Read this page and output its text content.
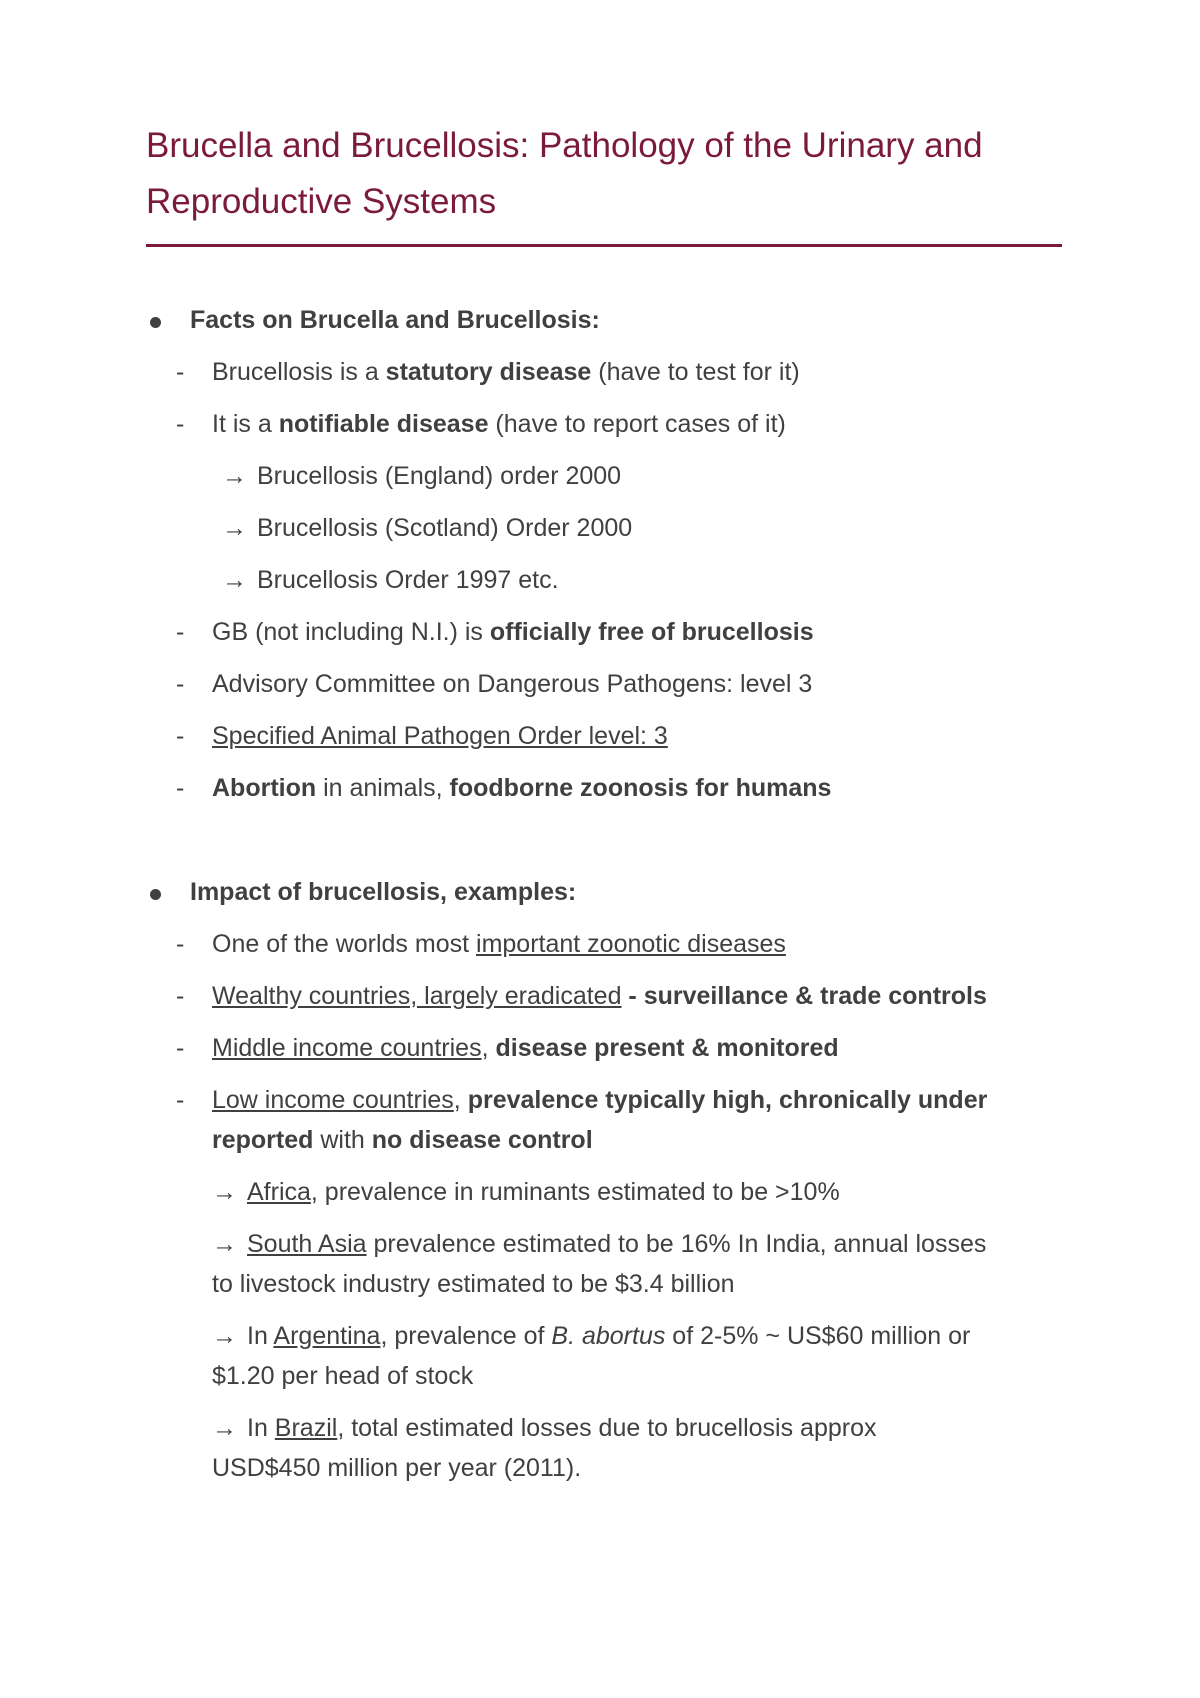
Brucella and Brucellosis: Pathology of the Urinary and Reproductive Systems
Facts on Brucella and Brucellosis:
- Brucellosis is a statutory disease (have to test for it)
- It is a notifiable disease (have to report cases of it)
→ Brucellosis (England) order 2000
→ Brucellosis (Scotland) Order 2000
→ Brucellosis Order 1997 etc.
- GB (not including N.I.) is officially free of brucellosis
- Advisory Committee on Dangerous Pathogens: level 3
- Specified Animal Pathogen Order level: 3
- Abortion in animals, foodborne zoonosis for humans
Impact of brucellosis, examples:
- One of the worlds most important zoonotic diseases
- Wealthy countries, largely eradicated - surveillance & trade controls
- Middle income countries, disease present & monitored
- Low income countries, prevalence typically high, chronically under
reported with no disease control
→ Africa, prevalence in ruminants estimated to be >10%
→ South Asia prevalence estimated to be 16% In India, annual losses
to livestock industry estimated to be $3.4 billion
→ In Argentina, prevalence of B. abortus of 2-5% ~ US$60 million or
$1.20 per head of stock
→ In Brazil, total estimated losses due to brucellosis approx
USD$450 million per year (2011).
